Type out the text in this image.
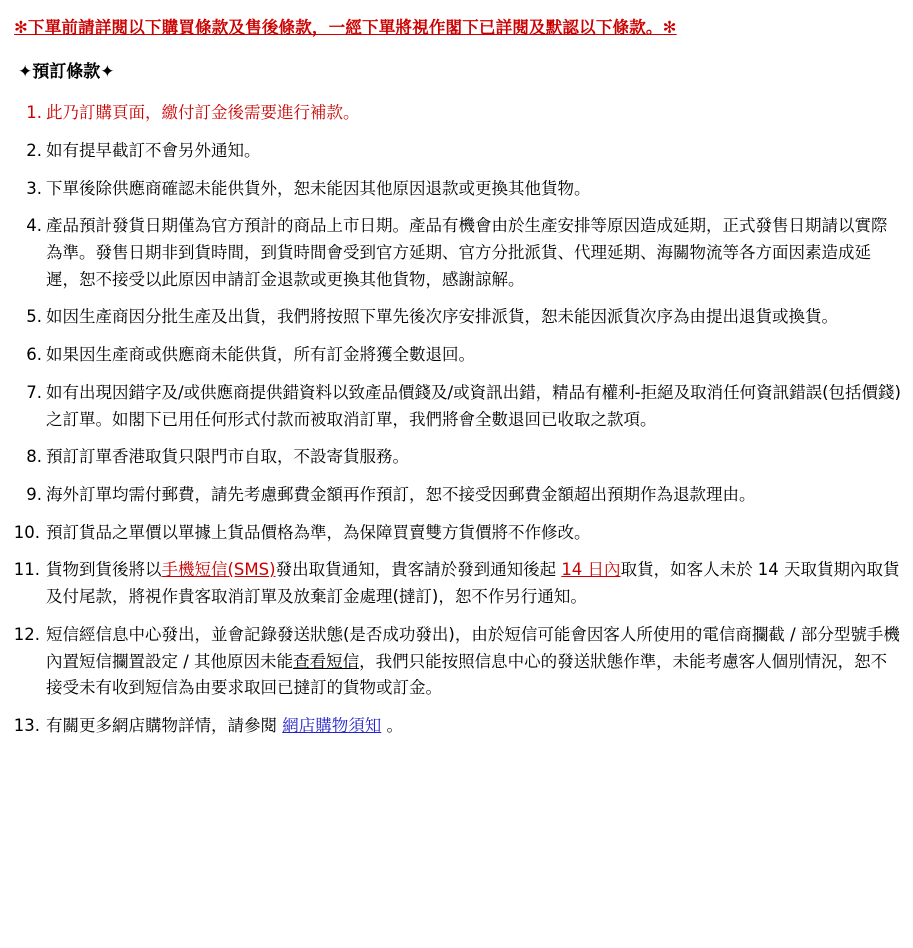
✻下單前請詳閱以下購買條款及售後條款，一經下單將視作閣下已詳閱及默認以下條款。✻
✦預訂條款✦
此乃訂購頁面，繳付訂金後需要進行補款。
如有提早截訂不會另外通知。
下單後除供應商確認未能供貨外，恕未能因其他原因退款或更換其他貨物。
產品預計發貨日期僅為官方預計的商品上市日期。產品有機會由於生產安排等原因造成延期，正式發售日期請以實際為準。發售日期非到貨時間，到貨時間會受到官方延期、官方分批派貨、代理延期、海關物流等各方面因素造成延遲，恕不接受以此原因申請訂金退款或更換其他貨物，感謝諒解。
如因生產商因分批生產及出貨，我們將按照下單先後次序安排派貨，恕未能因派貨次序為由提出退貨或換貨。
如果因生產商或供應商未能供貨，所有訂金將獲全數退回。
如有出現因錯字及/或供應商提供錯資料以致產品價錢及/或資訊出錯，精品有權利-拒絕及取消任何資訊錯誤(包括價錢) 之訂單。如閣下已用任何形式付款而被取消訂單，我們將會全數退回已收取之款項。
預訂訂單香港取貨只限門市自取，不設寄貨服務。
海外訂單均需付郵費，請先考慮郵費金額再作預訂，恕不接受因郵費金額超出預期作為退款理由。
預訂貨品之單價以單據上貨品價格為準，為保障買賣雙方貨價將不作修改。
貨物到貨後將以手機短信(SMS)發出取貨通知，貴客請於發到通知後起 14 日內取貨，如客人未於 14 天取貨期內取貨及付尾款，將視作貴客取消訂單及放棄訂金處理(撻訂)，恕不作另行通知。
短信經信息中心發出，並會記錄發送狀態(是否成功發出)，由於短信可能會因客人所使用的電信商攔截 / 部分型號手機內置短信攔置設定 / 其他原因未能查看短信，我們只能按照信息中心的發送狀態作準，未能考慮客人個別情況，恕不接受未有收到短信為由要求取回已撻訂的貨物或訂金。
有關更多網店購物詳情，請參閱 網店購物須知 。
